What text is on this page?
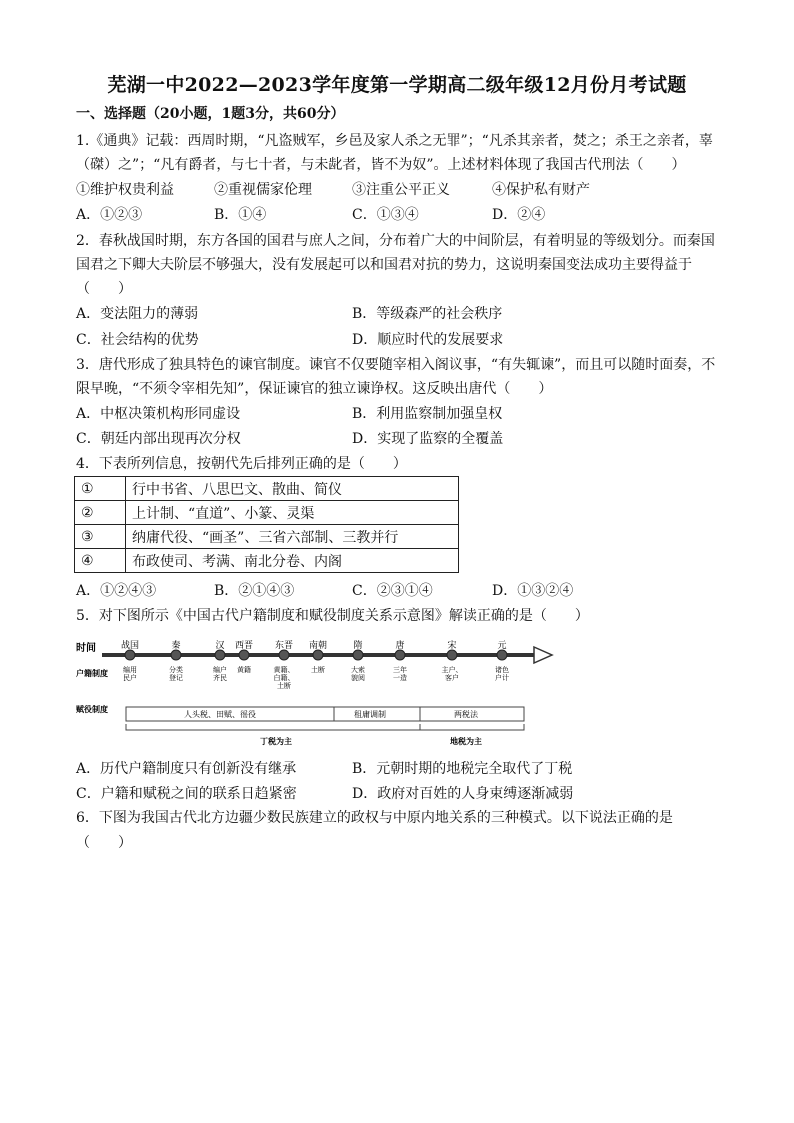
芜湖一中2022—2023学年度第一学期高二级年级12月份月考试题
一、选择题（20小题，1题3分，共60分）
1.《通典》记载：西周时期，“凡盗贼军，乡邑及家人杀之无罪”；“凡杀其亲者，焚之；杀王之亲者，辜
（磔）之”；“凡有爵者，与七十者，与未龀者，皆不为奴”。上述材料体现了我国古代刑法（　　）
①维护权贵利益	②重视儒家伦理	③注重公平正义	④保护私有财产
A．①②③	B．①④	C．①③④	D．②④
2．春秋战国时期，东方各国的国君与庶人之间，分布着广大的中间阶层，有着明显的等级划分。而秦国
国君之下卿大夫阶层不够强大，没有发展起可以和国君对抗的势力，这说明秦国变法成功主要得益于
（　　）
A．变法阻力的薄弱	B．等级森严的社会秩序
C．社会结构的优势	D．顺应时代的发展要求
3．唐代形成了独具特色的谏官制度。谏官不仅要随宰相入阁议事，“有失辄谏”，而且可以随时面奏，不
限早晚，“不须令宰相先知”，保证谏官的独立谏诤权。这反映出唐代（　　）
A．中枢决策机构形同虚设	B．利用监察制加强皇权
C．朝廷内部出现再次分权	D．实现了监察的全覆盖
4．下表所列信息，按朝代先后排列正确的是（　　）
①	行中书省、八思巴文、散曲、简仪
②	上计制、“直道”、小篆、灵渠
③	纳庸代役、“画圣”、三省六部制、三教并行
④	布政使司、考满、南北分卷、内阁
A．①②④③	B．②①④③	C．②③①④	D．①③②④
5．对下图所示《中国古代户籍制度和赋役制度关系示意图》解读正确的是（　　）
时间	战国	秦	汉 西晋 东晋 南朝	隋	唐	宋	元
户籍制度 编用民户
分类登记
编户齐民
黄籍	黄籍、白籍、土断
土断	大索貌阅
三年一造
主户、客户
诸色户计
赋役制度
人头税、田赋、徭役	租庸调制	两税法
丁税为主	地税为主
A．历代户籍制度只有创新没有继承	B．元朝时期的地税完全取代了丁税
C．户籍和赋税之间的联系日趋紧密	D．政府对百姓的人身束缚逐渐减弱
6．下图为我国古代北方边疆少数民族建立的政权与中原内地关系的三种模式。以下说法正确的是
（　　）
